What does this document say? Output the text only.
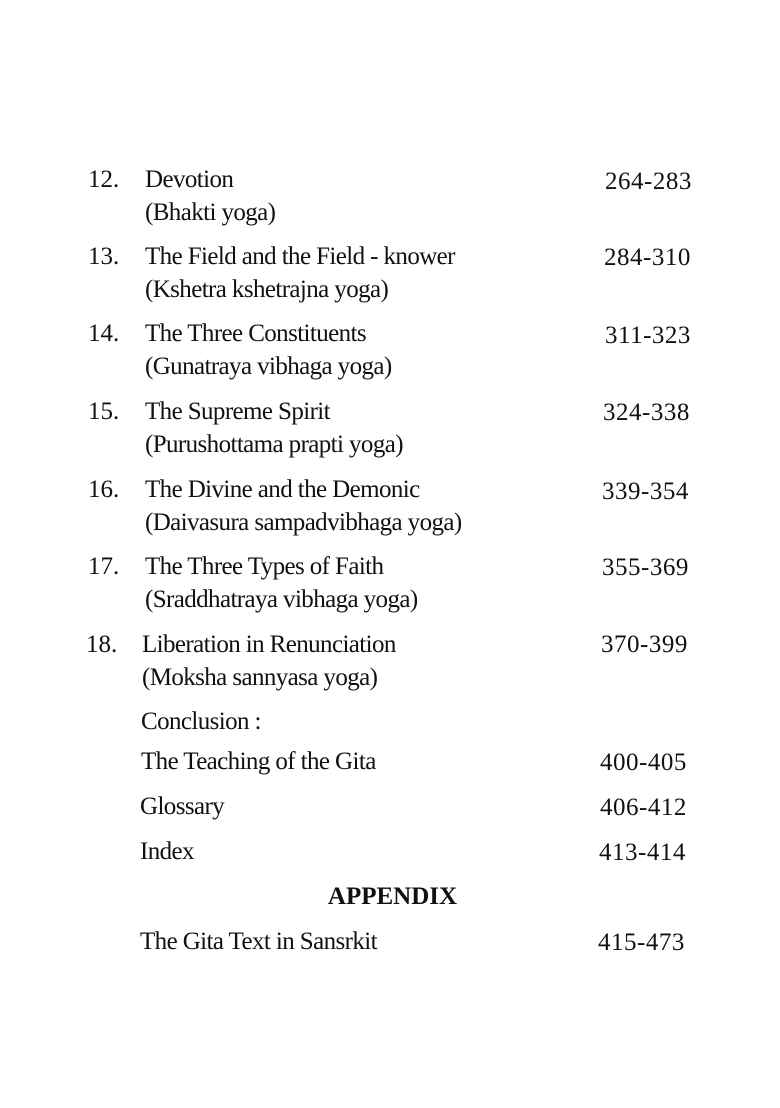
12. Devotion
(Bhakti yoga)
264-283
13. The Field and the Field - knower
(Kshetra kshetrajna yoga)
284-310
14. The Three Constituents
(Gunatraya vibhaga yoga)
311-323
15. The Supreme Spirit
(Purushottama prapti yoga)
324-338
16. The Divine and the Demonic
(Daivasura sampadvibhaga yoga)
339-354
17. The Three Types of Faith
(Sraddhatraya vibhaga yoga)
355-369
18. Liberation in Renunciation
(Moksha sannyasa yoga)
370-399
Conclusion :
The Teaching of the Gita	400-405
Glossary	406-412
Index	413-414
APPENDIX
The Gita Text in Sansrkit	415-473
